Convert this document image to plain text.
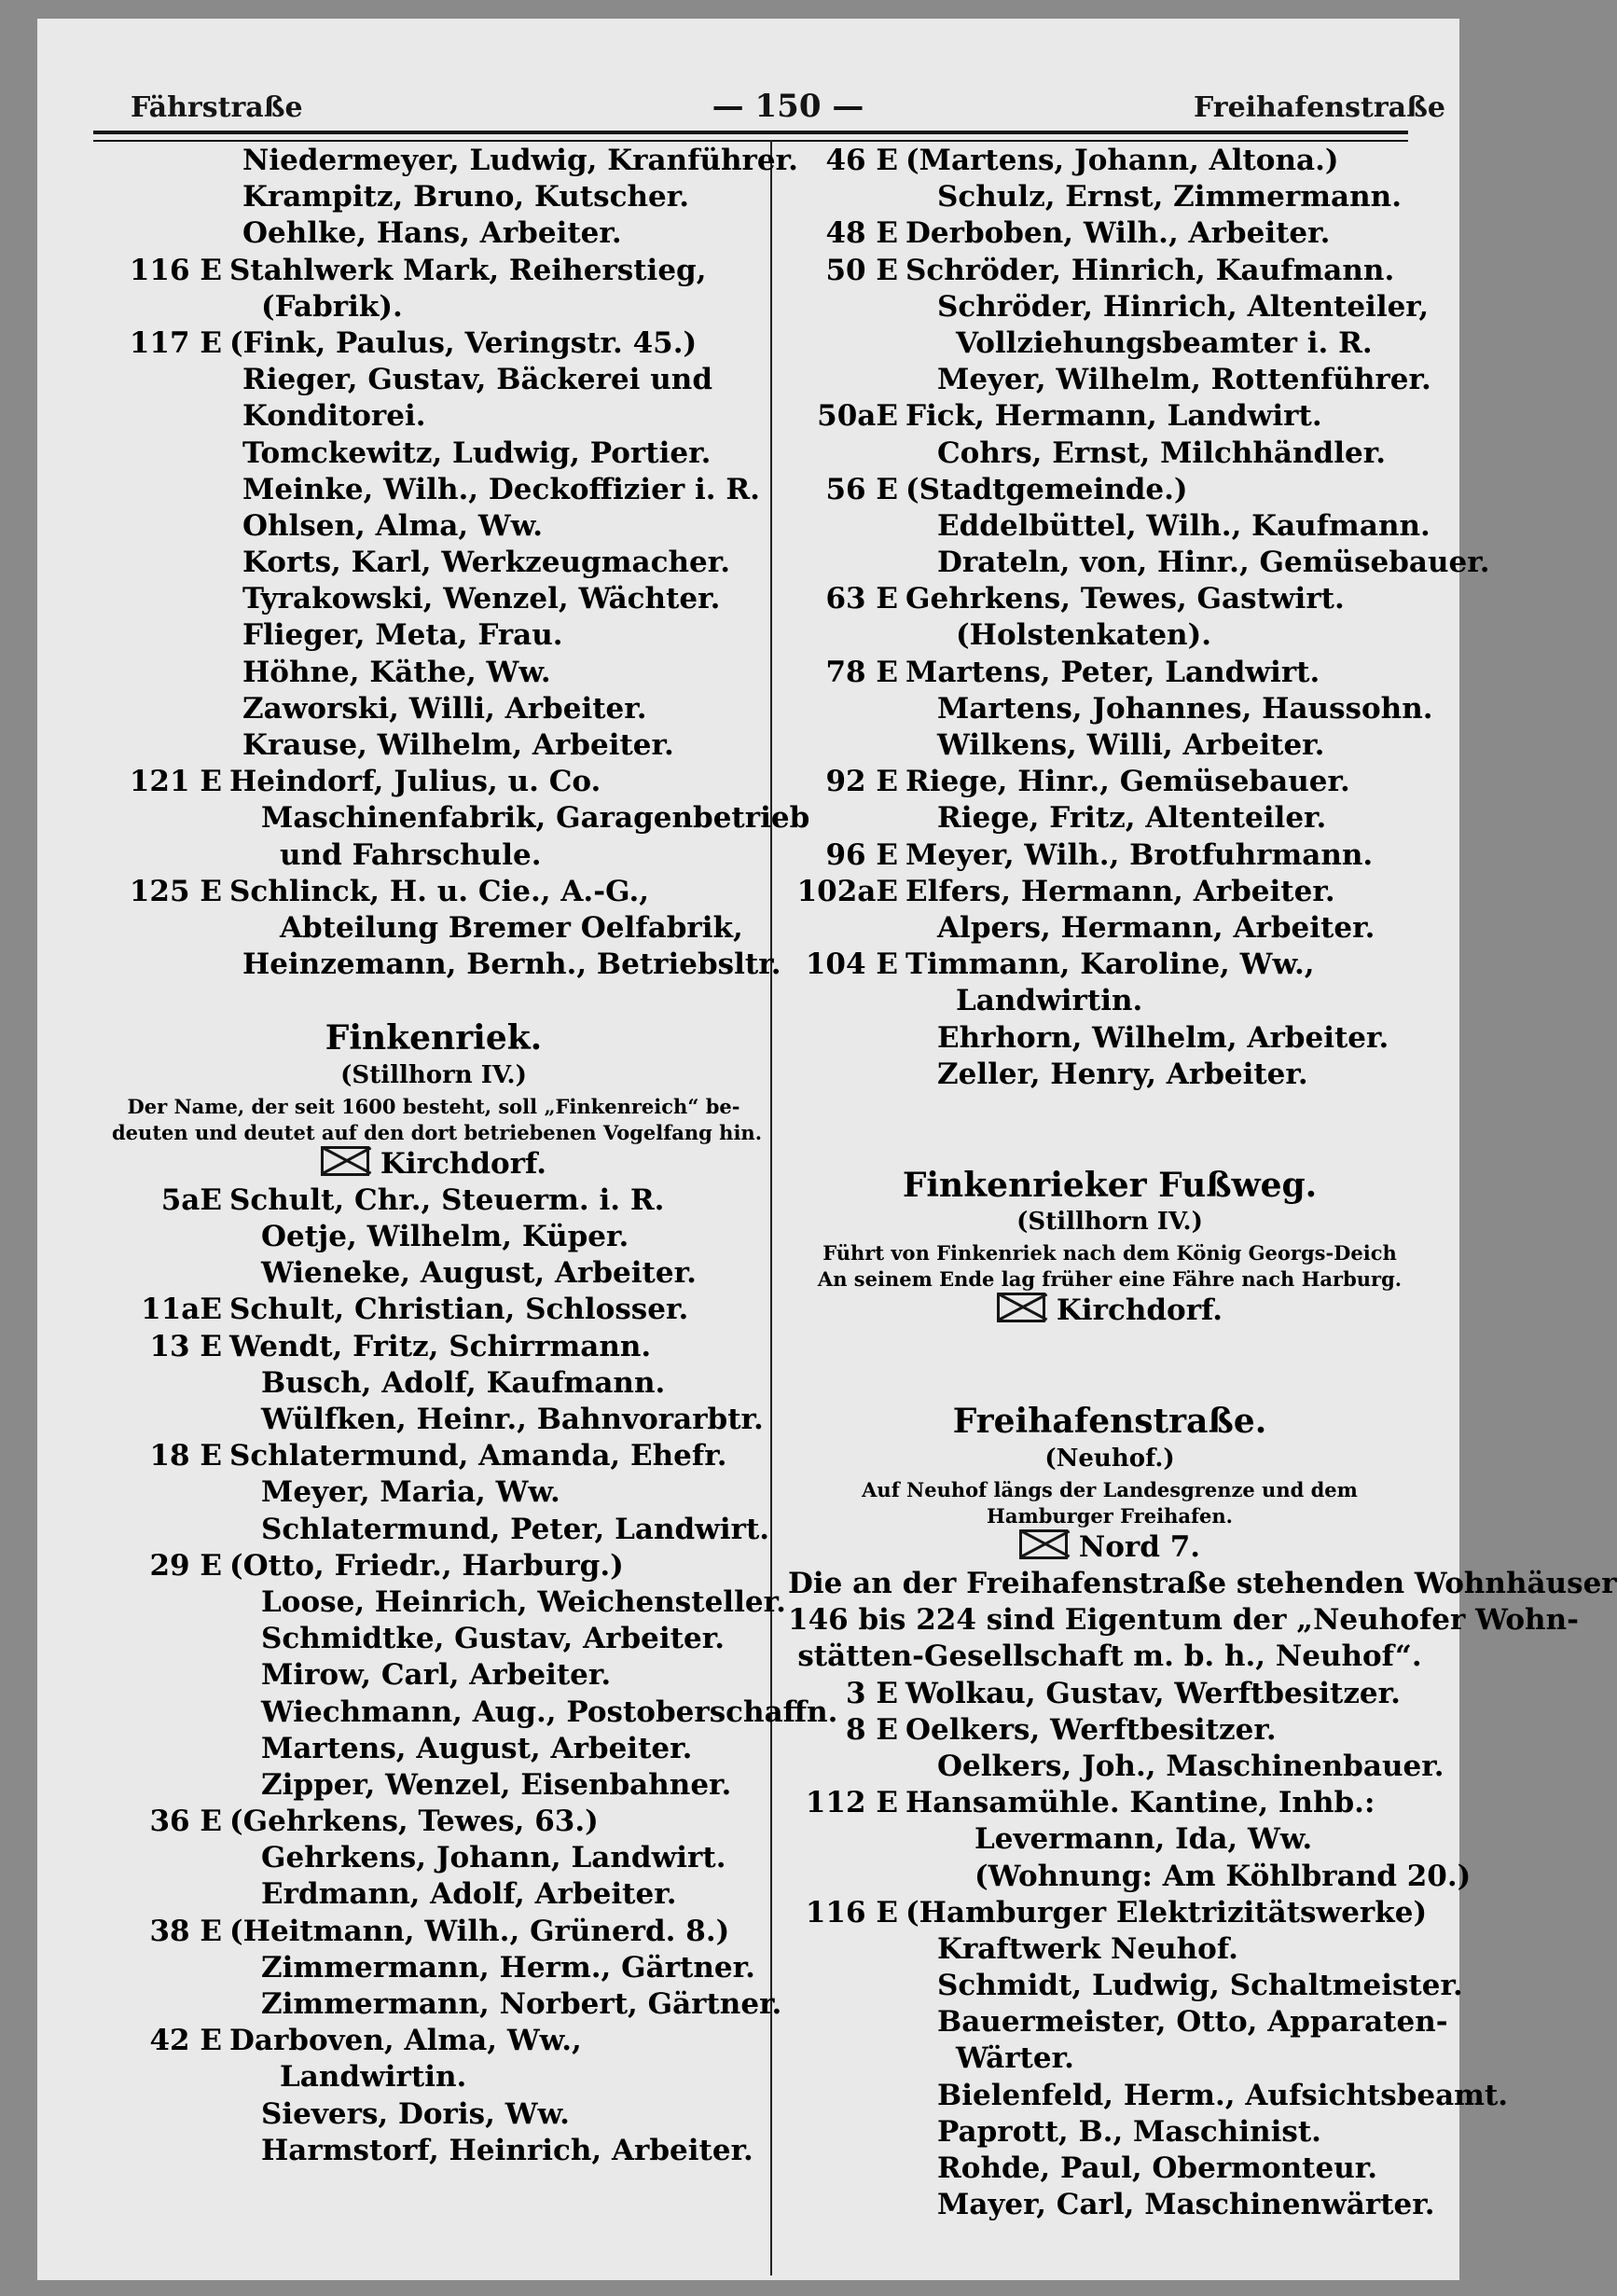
Fährstraße	— 150 —	Freihafenstraße
Niedermeyer, Ludwig, Kranführer.
Krampitz, Bruno, Kutscher.
Oehlke, Hans, Arbeiter.
116 E Stahlwerk Mark, Reiherstieg,
(Fabrik).
117 E (Fink, Paulus, Veringstr. 45.)
Rieger, Gustav, Bäckerei und
Konditorei.
Tomckewitz, Ludwig, Portier.
Meinke, Wilh., Deckoffizier i. R.
Ohlsen, Alma, Ww.
Korts, Karl, Werkzeugmacher.
Tyrakowski, Wenzel, Wächter.
Flieger, Meta, Frau.
Höhne, Käthe, Ww.
Zaworski, Willi, Arbeiter.
Krause, Wilhelm, Arbeiter.
121 E Heindorf, Julius, u. Co.
Maschinenfabrik, Garagenbetrieb
und Fahrschule.
125 E Schlinck, H. u. Cie., A.-G.,
Abteilung Bremer Oelfabrik,
Heinzemann, Bernh., Betriebsltr.
Finkenriek.
(Stillhorn IV.)
Der Name, der seit 1600 besteht, soll „Finkenreich“ be-
deuten und deutet auf den dort betriebenen Vogelfang hin.
Kirchdorf.
5aE Schult, Chr., Steuerm. i. R.
Oetje, Wilhelm, Küper.
Wieneke, August, Arbeiter.
11aE Schult, Christian, Schlosser.
13 E Wendt, Fritz, Schirrmann.
Busch, Adolf, Kaufmann.
Wülfken, Heinr., Bahnvorarbtr.
18 E Schlatermund, Amanda, Ehefr.
Meyer, Maria, Ww.
Schlatermund, Peter, Landwirt.
29 E (Otto, Friedr., Harburg.)
Loose, Heinrich, Weichensteller.
Schmidtke, Gustav, Arbeiter.
Mirow, Carl, Arbeiter.
Wiechmann, Aug., Postoberschaffn.
Martens, August, Arbeiter.
Zipper, Wenzel, Eisenbahner.
36 E (Gehrkens, Tewes, 63.)
Gehrkens, Johann, Landwirt.
Erdmann, Adolf, Arbeiter.
38 E (Heitmann, Wilh., Grünerd. 8.)
Zimmermann, Herm., Gärtner.
Zimmermann, Norbert, Gärtner.
42 E Darboven, Alma, Ww.,
Landwirtin.
Sievers, Doris, Ww.
Harmstorf, Heinrich, Arbeiter.
46 E (Martens, Johann, Altona.)
Schulz, Ernst, Zimmermann.
48 E Derboben, Wilh., Arbeiter.
50 E Schröder, Hinrich, Kaufmann.
Schröder, Hinrich, Altenteiler,
Vollziehungsbeamter i. R.
Meyer, Wilhelm, Rottenführer.
50aE Fick, Hermann, Landwirt.
Cohrs, Ernst, Milchhändler.
56 E (Stadtgemeinde.)
Eddelbüttel, Wilh., Kaufmann.
Drateln, von, Hinr., Gemüsebauer.
63 E Gehrkens, Tewes, Gastwirt.
(Holstenkaten).
78 E Martens, Peter, Landwirt.
Martens, Johannes, Haussohn.
Wilkens, Willi, Arbeiter.
92 E Riege, Hinr., Gemüsebauer.
Riege, Fritz, Altenteiler.
96 E Meyer, Wilh., Brotfuhrmann.
102aE Elfers, Hermann, Arbeiter.
Alpers, Hermann, Arbeiter.
104 E Timmann, Karoline, Ww.,
Landwirtin.
Ehrhorn, Wilhelm, Arbeiter.
Zeller, Henry, Arbeiter.
Finkenrieker Fußweg.
(Stillhorn IV.)
Führt von Finkenriek nach dem König Georgs-Deich
An seinem Ende lag früher eine Fähre nach Harburg.
Kirchdorf.
Freihafenstraße.
(Neuhof.)
Auf Neuhof längs der Landesgrenze und dem
Hamburger Freihafen.
Nord 7.
Die an der Freihafenstraße stehenden Wohnhäuser
146 bis 224 sind Eigentum der „Neuhofer Wohn-
stätten-Gesellschaft m. b. h., Neuhof“.
3 E Wolkau, Gustav, Werftbesitzer.
8 E Oelkers, Werftbesitzer.
Oelkers, Joh., Maschinenbauer.
112 E Hansamühle. Kantine, Inhb.:
Levermann, Ida, Ww.
(Wohnung: Am Köhlbrand 20.)
116 E (Hamburger Elektrizitätswerke)
Kraftwerk Neuhof.
Schmidt, Ludwig, Schaltmeister.
Bauermeister, Otto, Apparaten-
Wärter.
Bielenfeld, Herm., Aufsichtsbeamt.
Paprott, B., Maschinist.
Rohde, Paul, Obermonteur.
Mayer, Carl, Maschinenwärter.
